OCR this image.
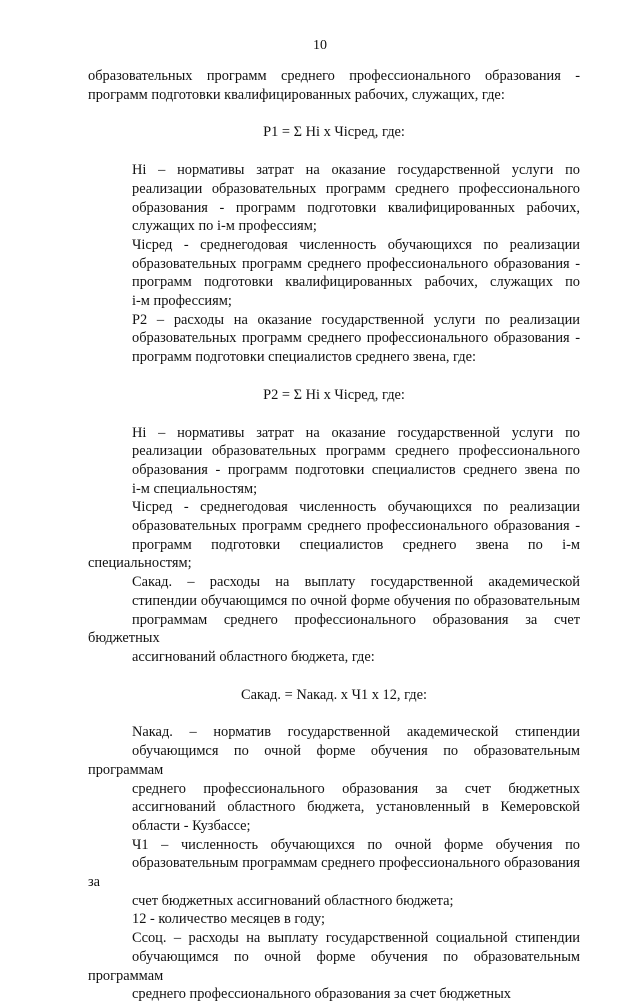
10

образовательных программ среднего профессионального образования -
программ подготовки квалифицированных рабочих, служащих, где:

P1 = Σ Hi x Чiсред, где:

Hi – нормативы затрат на оказание государственной услуги по
реализации образовательных программ среднего профессионального
образования - программ подготовки квалифицированных рабочих,
служащих по i-м профессиям;

Чiсред - среднегодовая численность обучающихся по реализации
образовательных программ среднего профессионального образования -
программ подготовки квалифицированных рабочих, служащих по
i-м профессиям;

P2 – расходы на оказание государственной услуги по реализации
образовательных программ среднего профессионального образования -
программ подготовки специалистов среднего звена, где:

P2 = Σ Hi x Чiсред, где:

Hi – нормативы затрат на оказание государственной услуги по
реализации образовательных программ среднего профессионального
образования - программ подготовки специалистов среднего звена по
i-м специальностям;

Чiсред - среднегодовая численность обучающихся по реализации
образовательных программ среднего профессионального образования -
программ подготовки специалистов среднего звена по i-м специальностям;

Cакад. – расходы на выплату государственной академической
стипендии обучающимся по очной форме обучения по образовательным
программам среднего профессионального образования за счет бюджетных
ассигнований областного бюджета, где:

Cакад. = Nакад. x Ч1 x 12, где:

Nакад. – норматив государственной академической стипендии
обучающимся по очной форме обучения по образовательным программам
среднего профессионального образования за счет бюджетных
ассигнований областного бюджета, установленный в Кемеровской
области - Кузбассе;

Ч1 – численность обучающихся по очной форме обучения по
образовательным программам среднего профессионального образования за
счет бюджетных ассигнований областного бюджета;

12 - количество месяцев в году;

Cсоц. – расходы на выплату государственной социальной стипендии
обучающимся по очной форме обучения по образовательным программам
среднего профессионального образования за счет бюджетных
